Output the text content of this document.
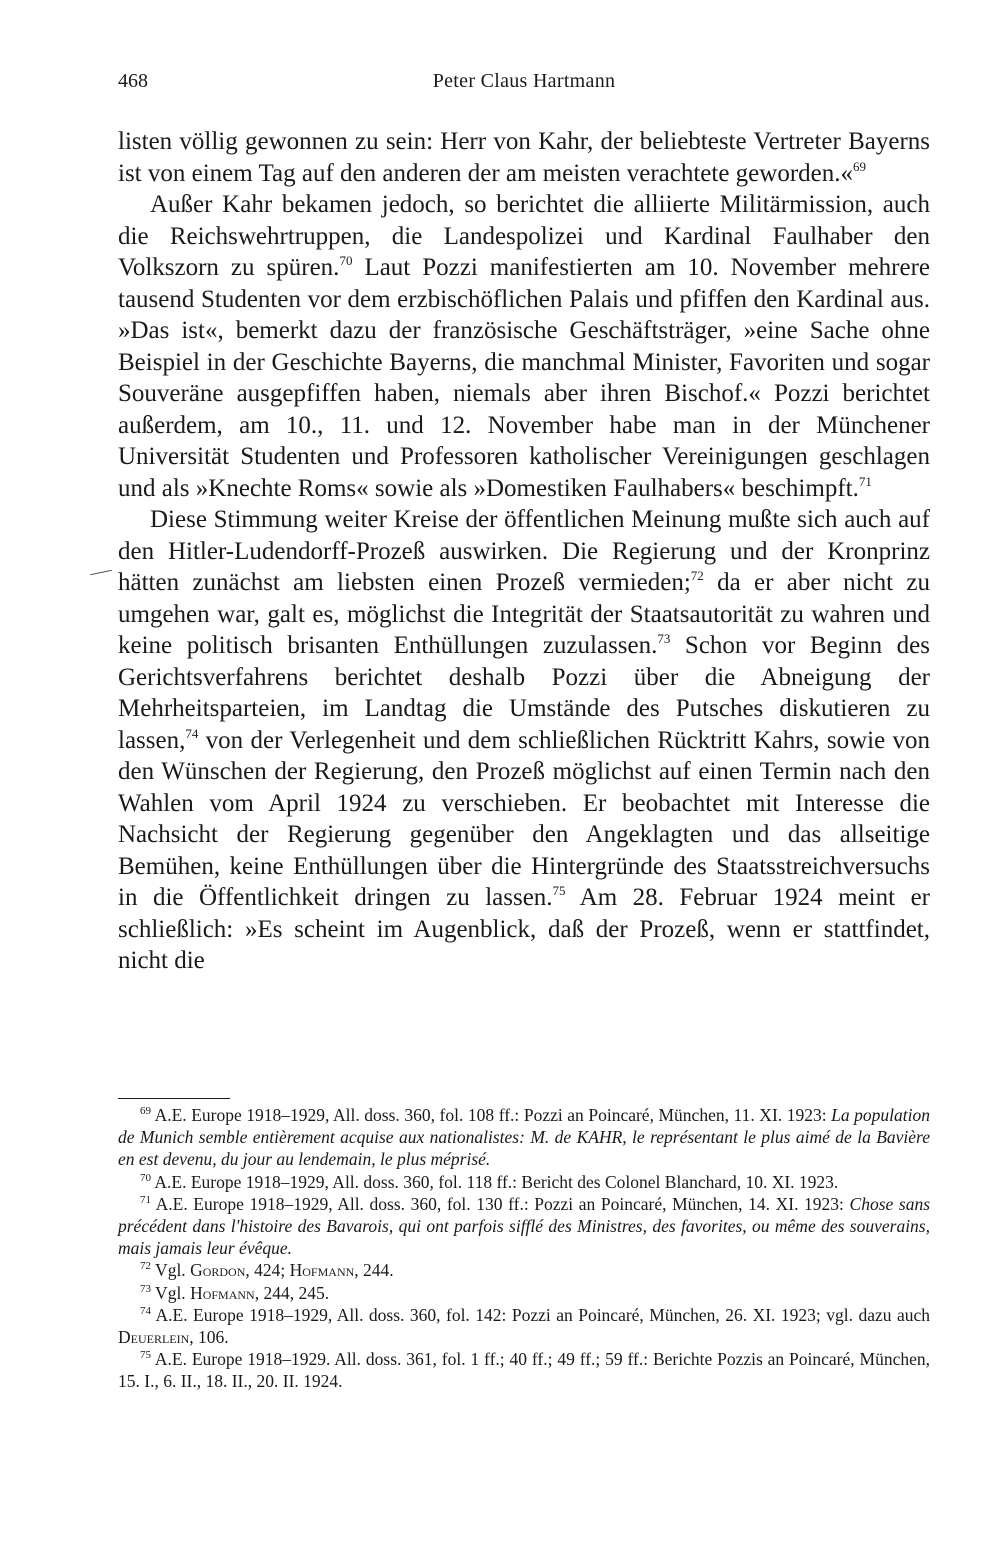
468	Peter Claus Hartmann

listen völlig gewonnen zu sein: Herr von Kahr, der beliebteste Vertreter Bayerns ist von einem Tag auf den anderen der am meisten verachtete geworden.«$^{69}$

Außer Kahr bekamen jedoch, so berichtet die alliierte Militärmission, auch die Reichswehrtruppen, die Landespolizei und Kardinal Faulhaber den Volkszorn zu spüren.$^{70}$ Laut Pozzi manifestierten am 10. November mehrere tausend Studenten vor dem erzbischöflichen Palais und pfiffen den Kardinal aus. »Das ist«, bemerkt dazu der französische Geschäftsträger, »eine Sache ohne Beispiel in der Geschichte Bayerns, die manchmal Minister, Favoriten und sogar Souveräne ausgepfiffen haben, niemals aber ihren Bischof.« Pozzi berichtet außerdem, am 10., 11. und 12. November habe man in der Münchener Universität Studenten und Professoren katholischer Vereinigungen geschlagen und als »Knechte Roms« sowie als »Domestiken Faulhabers« beschimpft.$^{71}$

Diese Stimmung weiter Kreise der öffentlichen Meinung mußte sich auch auf den Hitler-Ludendorff-Prozeß auswirken. Die Regierung und der Kronprinz hätten zunächst am liebsten einen Prozeß vermieden;$^{72}$ da er aber nicht zu umgehen war, galt es, möglichst die Integrität der Staatsautorität zu wahren und keine politisch brisanten Enthüllungen zuzulassen.$^{73}$ Schon vor Beginn des Gerichtsverfahrens berichtet deshalb Pozzi über die Abneigung der Mehrheitsparteien, im Landtag die Umstände des Putsches diskutieren zu lassen,$^{74}$ von der Verlegenheit und dem schließlichen Rücktritt Kahrs, sowie von den Wünschen der Regierung, den Prozeß möglichst auf einen Termin nach den Wahlen vom April 1924 zu verschieben. Er beobachtet mit Interesse die Nachsicht der Regierung gegenüber den Angeklagten und das allseitige Bemühen, keine Enthüllungen über die Hintergründe des Staatsstreichversuchs in die Öffentlichkeit dringen zu lassen.$^{75}$ Am 28. Februar 1924 meint er schließlich: »Es scheint im Augenblick, daß der Prozeß, wenn er stattfindet, nicht die

$^{69}$ A.E. Europe 1918–1929, All. doss. 360, fol. 108 ff.: Pozzi an Poincaré, München, 11. XI. 1923: La population de Munich semble entièrement acquise aux nationalistes: M. de KAHR, le représentant le plus aimé de la Bavière en est devenu, du jour au lendemain, le plus méprisé.

$^{70}$ A.E. Europe 1918–1929, All. doss. 360, fol. 118 ff.: Bericht des Colonel Blanchard, 10. XI. 1923.

$^{71}$ A.E. Europe 1918–1929, All. doss. 360, fol. 130 ff.: Pozzi an Poincaré, München, 14. XI. 1923: Chose sans précédent dans l'histoire des Bavarois, qui ont parfois sifflé des Ministres, des favorites, ou même des souverains, mais jamais leur évêque.

$^{72}$ Vgl. Gordon, 424; Hofmann, 244.

$^{73}$ Vgl. Hofmann, 244, 245.

$^{74}$ A.E. Europe 1918–1929, All. doss. 360, fol. 142: Pozzi an Poincaré, München, 26. XI. 1923; vgl. dazu auch Deuerlein, 106.

$^{75}$ A.E. Europe 1918–1929. All. doss. 361, fol. 1 ff.; 40 ff.; 49 ff.; 59 ff.: Berichte Pozzis an Poincaré, München, 15. I., 6. II., 18. II., 20. II. 1924.
